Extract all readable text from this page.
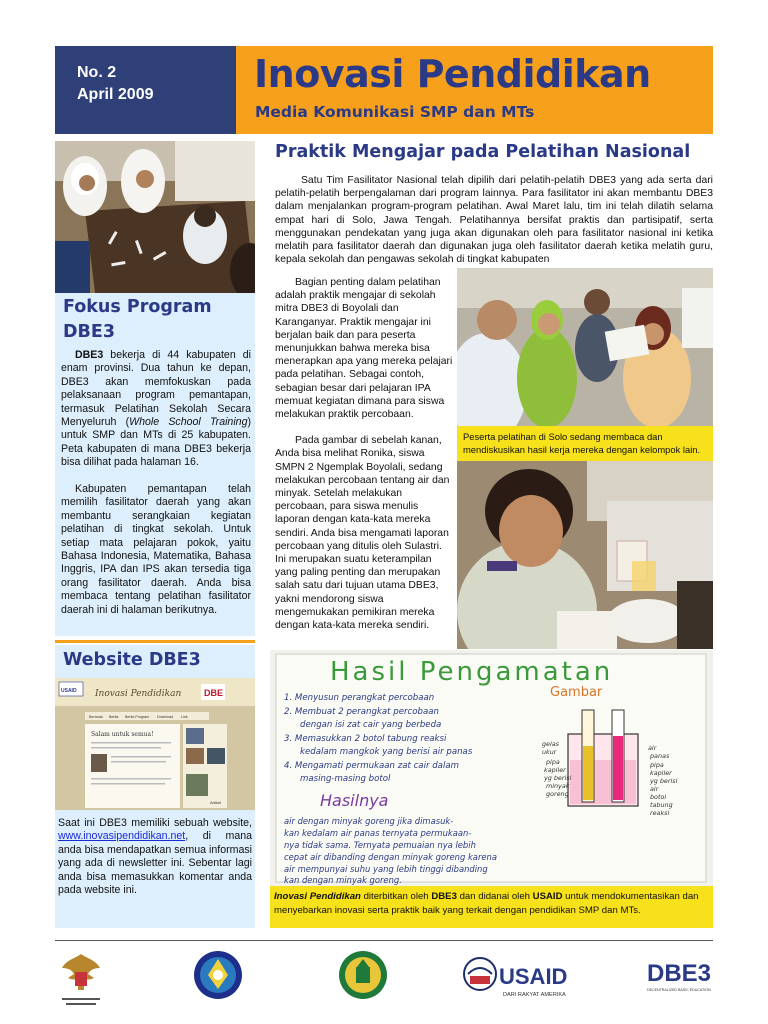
No. 2
April 2009	Inovasi Pendidikan
Media Komunikasi SMP dan MTs
Fokus Program DBE3

DBE3 bekerja di 44 kabupaten di enam provinsi. Dua tahun ke depan, DBE3 akan memfokuskan pada pelaksanaan program pemantapan, termasuk Pelatihan Sekolah Secara Menyeluruh (Whole School Training) untuk SMP dan MTs di 25 kabupaten. Peta kabupaten di mana DBE3 bekerja bisa dilihat pada halaman 16.

Kabupaten pemantapan telah memilih fasilitator daerah yang akan membantu serangkaian kegiatan pelatihan di tingkat sekolah. Untuk setiap mata pelajaran pokok, yaitu Bahasa Indonesia, Matematika, Bahasa Inggris, IPA dan IPS akan tersedia tiga orang fasilitator daerah. Anda bisa membaca tentang pelatihan fasilitator daerah ini di halaman berikutnya.

Website DBE3
USAID Inovasi Pendidikan	DBE
Beranda Berita Berita Program Download Link
Salam untuk semua!
Artikel

Saat ini DBE3 memiliki sebuah website, www.inovasipendidikan.net, di mana anda bisa mendapatkan semua informasi yang ada di newsletter ini. Sebentar lagi anda bisa memasukkan komentar anda pada website ini.

Praktik Mengajar pada Pelatihan Nasional

Satu Tim Fasilitator Nasional telah dipilih dari pelatih-pelatih DBE3 yang ada serta dari pelatih-pelatih berpengalaman dari program lainnya. Para fasilitator ini akan membantu DBE3 dalam menjalankan program-program pelatihan. Awal Maret lalu, tim ini telah dilatih selama empat hari di Solo, Jawa Tengah. Pelatihannya bersifat praktis dan partisipatif, serta menggunakan pendekatan yang juga akan digunakan oleh para fasilitator nasional ini ketika melatih para fasilitator daerah dan digunakan juga oleh fasilitator daerah ketika melatih guru, kepala sekolah dan pengawas sekolah di tingkat kabupaten

Bagian penting dalam pelatihan adalah praktik mengajar di sekolah mitra DBE3 di Boyolali dan Karanganyar. Praktik mengajar ini berjalan baik dan para peserta menunjukkan bahwa mereka bisa menerapkan apa yang mereka pelajari pada pelatihan. Sebagai contoh, sebagian besar dari pelajaran IPA memuat kegiatan dimana para siswa melakukan praktik percobaan.

Pada gambar di sebelah kanan, Anda bisa melihat Ronika, siswa SMPN 2 Ngemplak Boyolali, sedang melakukan percobaan tentang air dan minyak. Setelah melakukan percobaan, para siswa menulis laporan dengan kata-kata mereka sendiri. Anda bisa mengamati laporan percobaan yang ditulis oleh Sulastri. Ini merupakan suatu keterampilan yang paling penting dan merupakan salah satu dari tujuan utama DBE3, yakni mendorong siswa mengemukakan pemikiran mereka dengan kata-kata mereka sendiri.

Peserta pelatihan di Solo sedang membaca dan mendiskusikan hasil kerja mereka dengan kelompok lain.
Hasil Pengamatan
Gambar
1. Menyusun perangkat percobaan
2. Membuat 2 perangkat percobaan
dengan isi zat cair yang berbeda
3. Memasukkan 2 botol tabung reaksi
kedalam mangkok yang berisi air panas
4. Mengamati permukaan zat cair dalam
masing-masing botol
Hasilnya
air dengan minyak goreng jika dimasuk-
kan kedalam air panas ternyata permukaan-
nya tidak sama. Ternyata pemuaian nya lebih
cepat air dibanding dengan minyak goreng karena
air mempunyai suhu yang lebih tinggi dibanding
kan dengan minyak goreng.
gelas
ukur
pipa
kapiler
yg berisi
minyak
goreng
air
panas
pipa
kapiler
yg berisi
air
botol
tabung
reaksi
Inovasi Pendidikan diterbitkan oleh DBE3 dan didanai oleh USAID untuk mendokumentasikan dan menyebarkan inovasi serta praktik baik yang terkait dengan pendidikan SMP dan MTs.
USAID
DARI RAKYAT AMERIKA
DBE3
DECENTRALIZED BASIC EDUCATION
